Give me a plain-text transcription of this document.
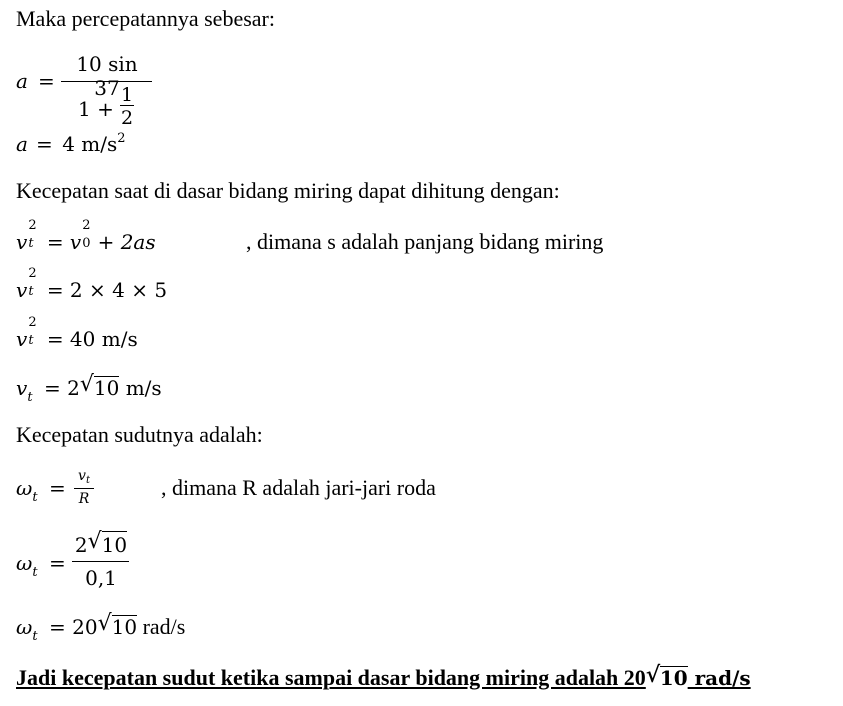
Maka percepatannya sebesar:
a =
10 sin 37
1 +
1
2
a = 4 $m/s^2$
Kecepatan saat di dasar bidang miring dapat dihitung dengan:
v
2
t = v
2
0 + 2as	, dimana s adalah panjang bidang miring
v
2
t = 2 × 4 × 5
v
2
t = 40 m/s
$v_t = 2$ √ 10 m/s
Kecepatan sudutnya adalah:
$\omega_t = v_t$
R	, dimana R adalah jari-jari roda
$\omega_t$ =
2 √ 10
0,1
$\omega_t = 20$ √ 10 rad/s
Jadi kecepatan sudut ketika sampai dasar bidang miring adalah 20 √ 10 rad/s
